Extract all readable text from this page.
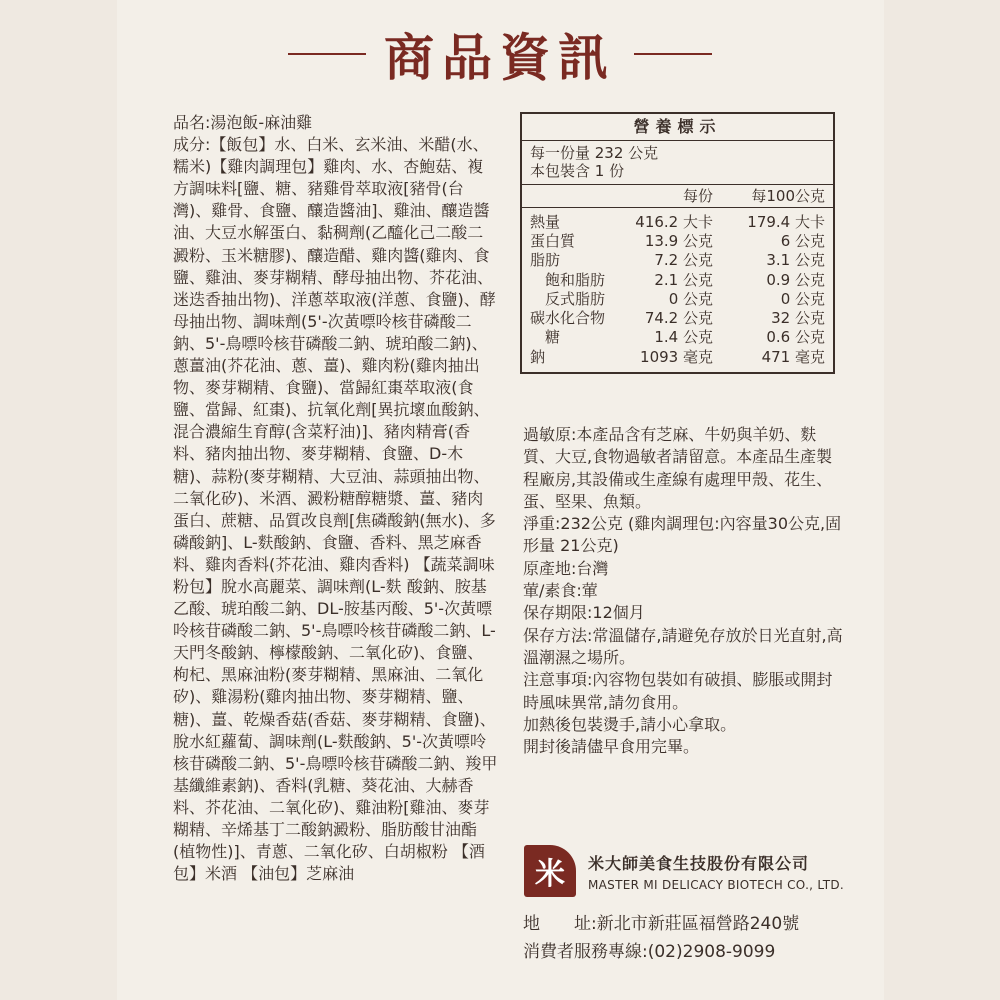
商品資訊

品名:湯泡飯-麻油雞

成分:【飯包】水、白米、玄米油、米醋(水、糯米)【雞肉調理包】雞肉、水、杏鮑菇、複方調味料[鹽、糖、豬雞骨萃取液[豬骨(台灣)、雞骨、食鹽、釀造醬油]、雞油、釀造醬油、大豆水解蛋白、黏稠劑(乙醯化己二酸二澱粉、玉米糖膠)、釀造醋、雞肉醬(雞肉、食鹽、雞油、麥芽糊精、酵母抽出物、芥花油、迷迭香抽出物)、洋蔥萃取液(洋蔥、食鹽)、酵母抽出物、調味劑(5'-次黃嘌呤核苷磷酸二鈉、5'-鳥嘌呤核苷磷酸二鈉、琥珀酸二鈉)、蔥薑油(芥花油、蔥、薑)、雞肉粉(雞肉抽出物、麥芽糊精、食鹽)、當歸紅棗萃取液(食鹽、當歸、紅棗)、抗氧化劑[異抗壞血酸鈉、混合濃縮生育醇(含菜籽油)]、豬肉精膏(香料、豬肉抽出物、麥芽糊精、食鹽、D-木糖)、蒜粉(麥芽糊精、大豆油、蒜頭抽出物、二氧化矽)、米酒、澱粉糖醇糖漿、薑、豬肉蛋白、蔗糖、品質改良劑[焦磷酸鈉(無水)、多磷酸鈉]、L-麩酸鈉、食鹽、香料、黑芝麻香料、雞肉香料(芥花油、雞肉香料) 【蔬菜調味粉包】脫水高麗菜、調味劑(L-麩 酸鈉、胺基乙酸、琥珀酸二鈉、DL-胺基丙酸、5'-次黃嘌呤核苷磷酸二鈉、5'-鳥嘌呤核苷磷酸二鈉、L-天門冬酸鈉、檸檬酸鈉、二氧化矽)、食鹽、枸杞、黑麻油粉(麥芽糊精、黑麻油、二氧化矽)、雞湯粉(雞肉抽出物、麥芽糊精、鹽、糖)、薑、乾燥香菇(香菇、麥芽糊精、食鹽)、脫水紅蘿蔔、調味劑(L-麩酸鈉、5'-次黃嘌呤核苷磷酸二鈉、5'-鳥嘌呤核苷磷酸二鈉、羧甲基纖維素鈉)、香料(乳糖、葵花油、大赫香料、芥花油、二氧化矽)、雞油粉[雞油、麥芽糊精、辛烯基丁二酸鈉澱粉、脂肪酸甘油酯(植物性)]、青蔥、二氧化矽、白胡椒粉 【酒包】米酒 【油包】芝麻油

營養標示
每一份量 232 公克
本包裝含 1 份
每份	每100公克
熱量	416.2 大卡	179.4 大卡
蛋白質	13.9 公克	6 公克
脂肪	7.2 公克	3.1 公克
　飽和脂肪	2.1 公克	0.9 公克
　反式脂肪	0 公克	0 公克
碳水化合物	74.2 公克	32 公克
　糖	1.4 公克	0.6 公克
鈉	1093 毫克	471 毫克

過敏原:本產品含有芝麻、牛奶與羊奶、麩質、大豆,食物過敏者請留意。本產品生產製程廠房,其設備或生產線有處理甲殼、花生、蛋、堅果、魚類。

淨重:232公克 (雞肉調理包:內容量30公克,固形量 21公克)

原產地:台灣

葷/素食:葷

保存期限:12個月

保存方法:常溫儲存,請避免存放於日光直射,高溫潮濕之場所。

注意事項:內容物包裝如有破損、膨脹或開封時風味異常,請勿食用。

加熱後包裝燙手,請小心拿取。

開封後請儘早食用完畢。

米	米大師美食生技股份有限公司
MASTER MI DELICACY BIOTECH CO., LTD.
地　　址:新北市新莊區福營路240號
消費者服務專線:(02)2908-9099
